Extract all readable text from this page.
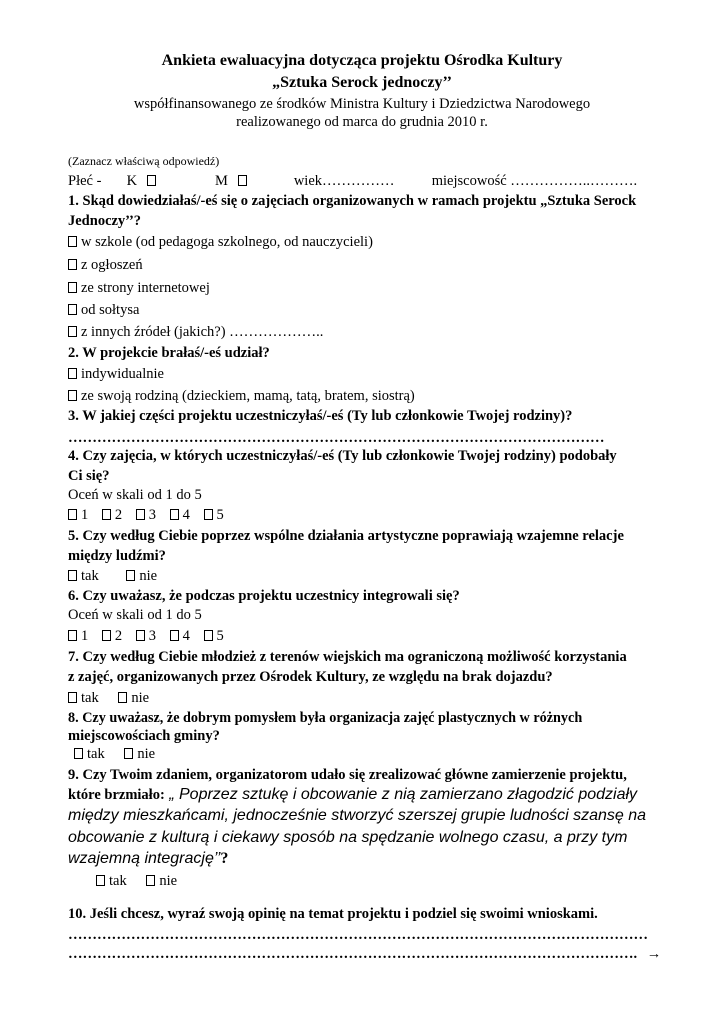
Ankieta ewaluacyjna dotycząca projektu Ośrodka Kultury
„Sztuka Serock jednoczy’’
współfinansowanego ze środków Ministra Kultury i Dziedzictwa Narodowego
realizowanego od marca do grudnia 2010 r.
(Zaznacz właściwą odpowiedź)
Płeć - K	M	wiek……………	miejscowość ……………..……….
1. Skąd dowiedziałaś/-eś się o zajęciach organizowanych w ramach projektu „Sztuka Serock
Jednoczy’’?
w szkole (od pedagoga szkolnego, od nauczycieli)
z ogłoszeń
ze strony internetowej
od sołtysa
z innych źródeł (jakich?) ………………..
2. W projekcie brałaś/-eś udział?
indywidualnie
ze swoją rodziną (dzieckiem, mamą, tatą, bratem, siostrą)
3. W jakiej części projektu uczestniczyłaś/-eś (Ty lub członkowie Twojej rodziny)?
…………………………………………………………………………………………………
4. Czy zajęcia, w których uczestniczyłaś/-eś (Ty lub członkowie Twojej rodziny) podobały
Ci się?
Oceń w skali od 1 do 5
1 2 3 4 5
5. Czy według Ciebie poprzez wspólne działania artystyczne poprawiają wzajemne relacje
między ludźmi?
tak	nie
6. Czy uważasz, że podczas projektu uczestnicy integrowali się?
Oceń w skali od 1 do 5
1 2 3 4 5
7. Czy według Ciebie młodzież z terenów wiejskich ma ograniczoną możliwość korzystania
z zajęć, organizowanych przez Ośrodek Kultury, ze względu na brak dojazdu?
tak nie
8. Czy uważasz, że dobrym pomysłem była organizacja zajęć plastycznych w różnych
miejscowościach gminy?
tak nie
9. Czy Twoim zdaniem, organizatorom udało się zrealizować główne zamierzenie projektu,
które brzmiało: „ Poprzez sztukę i obcowanie z nią zamierzano złagodzić podziały
między mieszkańcami, jednocześnie stworzyć szerszej grupie ludności szansę na
obcowanie z kulturą i ciekawy sposób na spędzanie wolnego czasu, a przy tym
wzajemną integrację’’?
tak nie
10. Jeśli chcesz, wyraź swoją opinię na temat projektu i podziel się swoimi wnioskami.
…………………………………………………………………………………………………………
………………………………………………………………………………………………………. →
